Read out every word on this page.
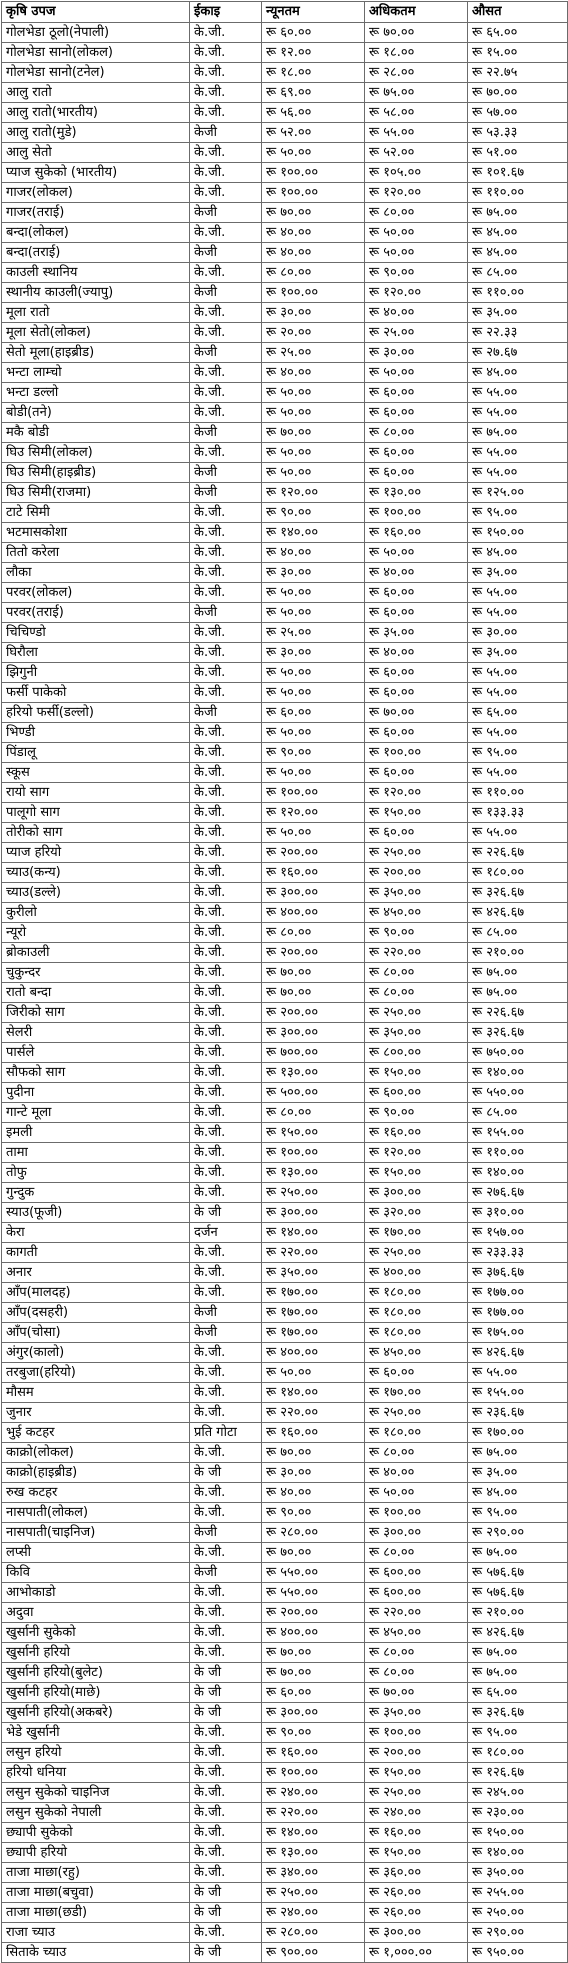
कृषि उपज	ईकाइ	न्यूनतम	अधिकतम	औसत
गोलभेडा ठूलो(नेपाली)	के.जी.	रू ६०.००	रू ७०.००	रू ६५.००
गोलभेडा सानो(लोकल)	के.जी.	रू १२.००	रू १८.००	रू १५.००
गोलभेडा सानो(टनेल)	के.जी.	रू १८.००	रू २८.००	रू २२.७५
आलु रातो	के.जी.	रू ६९.००	रू ७५.००	रू ७०.००
आलु रातो(भारतीय)	के.जी.	रू ५६.००	रू ५८.००	रू ५७.००
आलु रातो(मुडे)	केजी	रू ५२.००	रू ५५.००	रू ५३.३३
आलु सेतो	के.जी.	रू ५०.००	रू ५२.००	रू ५१.००
प्याज सुकेको (भारतीय)	के.जी.	रू १००.००	रू १०५.००	रू १०१.६७
गाजर(लोकल)	के.जी.	रू १००.००	रू १२०.००	रू ११०.००
गाजर(तराई)	केजी	रू ७०.००	रू ८०.००	रू ७५.००
बन्दा(लोकल)	के.जी.	रू ४०.००	रू ५०.००	रू ४५.००
बन्दा(तराई)	केजी	रू ४०.००	रू ५०.००	रू ४५.००
काउली स्थानिय	के.जी.	रू ८०.००	रू ९०.००	रू ८५.००
स्थानीय काउली(ज्यापु)	केजी	रू १००.००	रू १२०.००	रू ११०.००
मूला रातो	के.जी.	रू ३०.००	रू ४०.००	रू ३५.००
मूला सेतो(लोकल)	के.जी.	रू २०.००	रू २५.००	रू २२.३३
सेतो मूला(हाइब्रीड)	केजी	रू २५.००	रू ३०.००	रू २७.६७
भन्टा लाम्चो	के.जी.	रू ४०.००	रू ५०.००	रू ४५.००
भन्टा डल्लो	के.जी.	रू ५०.००	रू ६०.००	रू ५५.००
बोडी(तने)	के.जी.	रू ५०.००	रू ६०.००	रू ५५.००
मकै बोडी	केजी	रू ७०.००	रू ८०.००	रू ७५.००
घिउ सिमी(लोकल)	के.जी.	रू ५०.००	रू ६०.००	रू ५५.००
घिउ सिमी(हाइब्रीड)	केजी	रू ५०.००	रू ६०.००	रू ५५.००
घिउ सिमी(राजमा)	केजी	रू १२०.००	रू १३०.००	रू १२५.००
टाटे सिमी	के.जी.	रू ९०.००	रू १००.००	रू ९५.००
भटमासकोशा	के.जी.	रू १४०.००	रू १६०.००	रू १५०.००
तितो करेला	के.जी.	रू ४०.००	रू ५०.००	रू ४५.००
लौका	के.जी.	रू ३०.००	रू ४०.००	रू ३५.००
परवर(लोकल)	के.जी.	रू ५०.००	रू ६०.००	रू ५५.००
परवर(तराई)	केजी	रू ५०.००	रू ६०.००	रू ५५.००
चिचिण्डो	के.जी.	रू २५.००	रू ३५.००	रू ३०.००
घिरौला	के.जी.	रू ३०.००	रू ४०.००	रू ३५.००
झिगुनी	के.जी.	रू ५०.००	रू ६०.००	रू ५५.००
फर्सी पाकेको	के.जी.	रू ५०.००	रू ६०.००	रू ५५.००
हरियो फर्सी(डल्लो)	केजी	रू ६०.००	रू ७०.००	रू ६५.००
भिण्डी	के.जी.	रू ५०.००	रू ६०.००	रू ५५.००
पिंडालू	के.जी.	रू ९०.००	रू १००.००	रू ९५.००
स्कूस	के.जी.	रू ५०.००	रू ६०.००	रू ५५.००
रायो साग	के.जी.	रू १००.००	रू १२०.००	रू ११०.००
पालूगो साग	के.जी.	रू १२०.००	रू १५०.००	रू १३३.३३
तोरीको साग	के.जी.	रू ५०.००	रू ६०.००	रू ५५.००
प्याज हरियो	के.जी.	रू २००.००	रू २५०.००	रू २२६.६७
च्याउ(कन्य)	के.जी.	रू १६०.००	रू २००.००	रू १८०.००
च्याउ(डल्ले)	के.जी.	रू ३००.००	रू ३५०.००	रू ३२६.६७
कुरीलो	के.जी.	रू ४००.००	रू ४५०.००	रू ४२६.६७
न्यूरो	के.जी.	रू ८०.००	रू ९०.००	रू ८५.००
ब्रोकाउली	के.जी.	रू २००.००	रू २२०.००	रू २१०.००
चुकुन्दर	के.जी.	रू ७०.००	रू ८०.००	रू ७५.००
रातो बन्दा	के.जी.	रू ७०.००	रू ८०.००	रू ७५.००
जिरीको साग	के.जी.	रू २००.००	रू २५०.००	रू २२६.६७
सेलरी	के.जी.	रू ३००.००	रू ३५०.००	रू ३२६.६७
पार्सले	के.जी.	रू ७००.००	रू ८००.००	रू ७५०.००
सौफको साग	के.जी.	रू १३०.००	रू १५०.००	रू १४०.००
पुदीना	के.जी.	रू ५००.००	रू ६००.००	रू ५५०.००
गान्टे मूला	के.जी.	रू ८०.००	रू ९०.००	रू ८५.००
इमली	के.जी.	रू १५०.००	रू १६०.००	रू १५५.००
तामा	के.जी.	रू १००.००	रू १२०.००	रू ११०.००
तोफु	के.जी.	रू १३०.००	रू १५०.००	रू १४०.००
गुन्दुक	के.जी.	रू २५०.००	रू ३००.००	रू २७६.६७
स्याउ(फूजी)	के जी	रू ३००.००	रू ३२०.००	रू ३१०.००
केरा	दर्जन	रू १४०.००	रू १७०.००	रू १५७.००
कागती	के.जी.	रू २२०.००	रू २५०.००	रू २३३.३३
अनार	के.जी.	रू ३५०.००	रू ४००.००	रू ३७६.६७
आँप(मालदह)	के.जी.	रू १७०.००	रू १८०.००	रू १७७.००
आँप(दसहरी)	केजी	रू १७०.००	रू १८०.००	रू १७७.००
आँप(चोसा)	केजी	रू १७०.००	रू १८०.००	रू १७५.००
अंगुर(कालो)	के.जी.	रू ४००.००	रू ४५०.००	रू ४२६.६७
तरबुजा(हरियो)	के.जी.	रू ५०.००	रू ६०.००	रू ५५.००
मौसम	के.जी.	रू १४०.००	रू १७०.००	रू १५५.००
जुनार	के.जी.	रू २२०.००	रू २५०.००	रू २३६.६७
भुई कटहर	प्रति गोटा	रू १६०.००	रू १८०.००	रू १७०.००
काक्रो(लोकल)	के.जी.	रू ७०.००	रू ८०.००	रू ७५.००
काक्रो(हाइब्रीड)	के जी	रू ३०.००	रू ४०.००	रू ३५.००
रुख कटहर	के.जी.	रू ४०.००	रू ५०.००	रू ४५.००
नासपाती(लोकल)	के.जी.	रू ९०.००	रू १००.००	रू ९५.००
नासपाती(चाइनिज)	केजी	रू २८०.००	रू ३००.००	रू २९०.००
लप्सी	के.जी.	रू ७०.००	रू ८०.००	रू ७५.००
किवि	केजी	रू ५५०.००	रू ६००.००	रू ५७६.६७
आभोकाडो	के.जी.	रू ५५०.००	रू ६००.००	रू ५७६.६७
अदुवा	के.जी.	रू २००.००	रू २२०.००	रू २१०.००
खुर्सानी सुकेको	के.जी.	रू ४००.००	रू ४५०.००	रू ४२६.६७
खुर्सानी हरियो	के.जी.	रू ७०.००	रू ८०.००	रू ७५.००
खुर्सानी हरियो(बुलेट)	के जी	रू ७०.००	रू ८०.००	रू ७५.००
खुर्सानी हरियो(माछे)	के जी	रू ६०.००	रू ७०.००	रू ६५.००
खुर्सानी हरियो(अकबरे)	के जी	रू ३००.००	रू ३५०.००	रू ३२६.६७
भेडे खुर्सानी	के.जी.	रू ९०.००	रू १००.००	रू ९५.००
लसुन हरियो	के.जी.	रू १६०.००	रू २००.००	रू १८०.००
हरियो धनिया	के.जी.	रू १००.००	रू १५०.००	रू १२६.६७
लसुन सुकेको चाइनिज	के.जी.	रू २४०.००	रू २५०.००	रू २४५.००
लसुन सुकेको नेपाली	के.जी.	रू २२०.००	रू २४०.००	रू २३०.००
छ्यापी सुकेको	के.जी.	रू १४०.००	रू १६०.००	रू १५०.००
छ्यापी हरियो	के.जी.	रू १३०.००	रू १५०.००	रू १४०.००
ताजा माछा(रहु)	के.जी.	रू ३४०.००	रू ३६०.००	रू ३५०.००
ताजा माछा(बचुवा)	के जी	रू २५०.००	रू २६०.००	रू २५५.००
ताजा माछा(छडी)	के जी	रू २४०.००	रू २६०.००	रू २५०.००
राजा च्याउ	के.जी.	रू २८०.००	रू ३००.००	रू २९०.००
सिताके च्याउ	के जी	रू ९००.००	रू १,०००.००	रू ९५०.००
